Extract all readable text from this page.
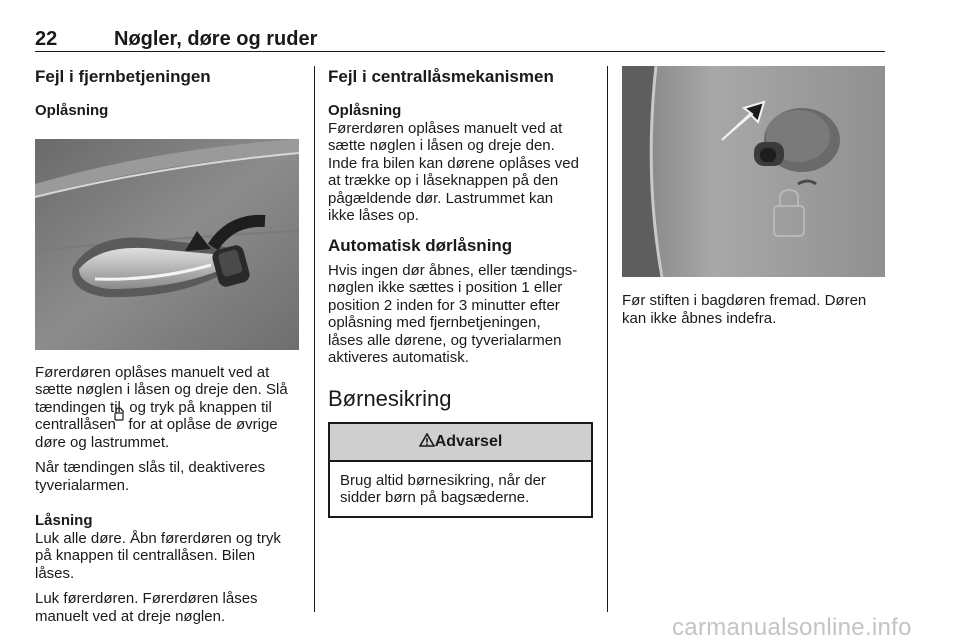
22	Nøgler, døre og ruder
Fejl i fjernbetjeningen
Oplåsning

Førerdøren oplåses manuelt ved at
sætte nøglen i låsen og dreje den. Slå
tændingen til, og tryk på knappen til
centrallåsen   for at oplåse de øvrige
døre og lastrummet.

Når tændingen slås til, deaktiveres
tyverialarmen.

Låsning

Luk alle døre. Åbn førerdøren og tryk
på knappen til centrallåsen. Bilen
låses.

Luk førerdøren. Førerdøren låses
manuelt ved at dreje nøglen.

Fejl i centrallåsmekanismen
Oplåsning

Førerdøren oplåses manuelt ved at
sætte nøglen i låsen og dreje den.
Inde fra bilen kan dørene oplåses ved
at trække op i låseknappen på den
pågældende dør. Lastrummet kan
ikke låses op.

Automatisk dørlåsning

Hvis ingen dør åbnes, eller tændings-
nøglen ikke sættes i position 1 eller
position 2 inden for 3 minutter efter
oplåsning med fjernbetjeningen,
låses alle dørene, og tyverialarmen
aktiveres automatisk.

Børnesikring
Advarsel

Brug altid børnesikring, når der
sidder børn på bagsæderne.

Før stiften i bagdøren fremad. Døren
kan ikke åbnes indefra.

carmanualsonline.info
